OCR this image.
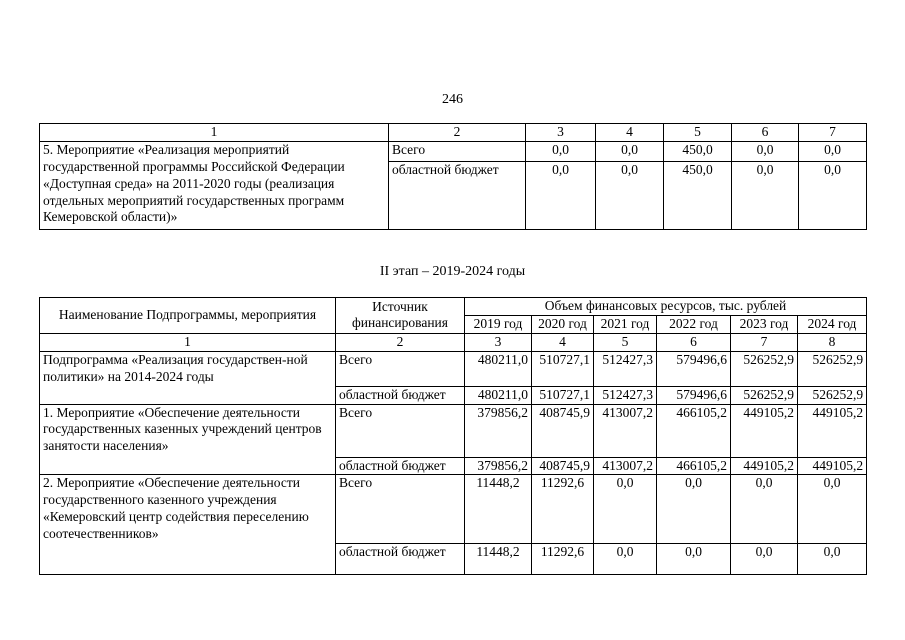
246
1	2	3	4	5	6	7
5. Мероприятие «Реализация мероприятий государственной программы Российской Федерации «Доступная среда» на 2011-2020 годы (реализация отдельных мероприятий государственных программ Кемеровской области)»	Всего	0,0	0,0	450,0	0,0	0,0
	областной бюджет	0,0	0,0	450,0	0,0	0,0
II этап – 2019-2024 годы
Наименование Подпрограммы, мероприятия	Источник финансирования	Объем финансовых ресурсов, тыс. рублей					
		2019 год	2020 год	2021 год	2022 год	2023 год	2024 год
1	2	3	4	5	6	7	8
Подпрограмма «Реализация государствен-ной политики» на 2014-2024 годы	Всего	480211,0	510727,1	512427,3	579496,6	526252,9	526252,9
	областной бюджет	480211,0	510727,1	512427,3	579496,6	526252,9	526252,9
1. Мероприятие «Обеспечение деятельности государственных казенных учреждений центров занятости населения»	Всего	379856,2	408745,9	413007,2	466105,2	449105,2	449105,2
	областной бюджет	379856,2	408745,9	413007,2	466105,2	449105,2	449105,2
2. Мероприятие «Обеспечение деятельности государственного казенного учреждения «Кемеровский центр содействия переселению соотечественников»	Всего	11448,2	11292,6	0,0	0,0	0,0	0,0
	областной бюджет	11448,2	11292,6	0,0	0,0	0,0	0,0
